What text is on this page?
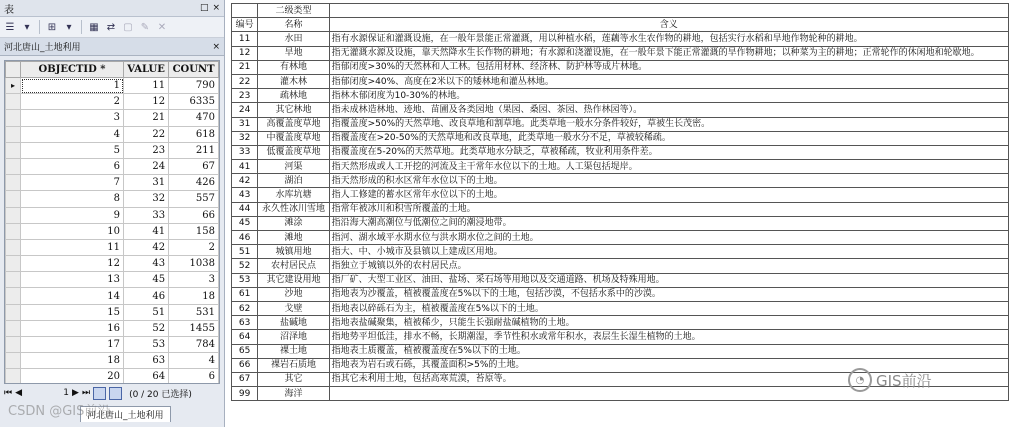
表	□ ×
☰	▾	⊞	▾	▦ ⇄ ▢ ✎ ✕
河北唐山_土地利用	×
	OBJECTID *	VALUE	COUNT
▸	1	11	790
	2	12	6335
	3	21	470
	4	22	618
	5	23	211
	6	24	67
	7	31	426
	8	32	557
	9	33	66
	10	41	158
	11	42	2
	12	43	1038
	13	45	3
	14	46	18
	15	51	531
	16	52	1455
	17	53	784
	18	63	4
	20	64	6

⏮ ◀	1 ▶ ⏭	(0 / 20 已选择)
河北唐山_土地利用
	二级类型	
编号	名称	含义
11	水田	指有水源保证和灌溉设施，在一般年景能正常灌溉，用以种植水稻，莲藕等水生农作物的耕地，包括实行水稻和旱地作物轮种的耕地。
12	旱地	指无灌溉水源及设施，靠天然降水生长作物的耕地；有水源和浇灌设施，在一般年景下能正常灌溉的旱作物耕地；以种菜为主的耕地；正常轮作的休闲地和轮歇地。
21	有林地	指郁闭度>30%的天然林和人工林。包括用材林、经济林、防护林等成片林地。
22	灌木林	指郁闭度>40%、高度在2米以下的矮林地和灌丛林地。
23	疏林地	指林木郁闭度为10-30%的林地。
24	其它林地	指未成林造林地、迹地、苗圃及各类园地（果园、桑园、茶园、热作林园等）。
31	高覆盖度草地	指覆盖度>50%的天然草地、改良草地和割草地。此类草地一般水分条件较好，草被生长茂密。
32	中覆盖度草地	指覆盖度在>20-50%的天然草地和改良草地，此类草地一般水分不足，草被较稀疏。
33	低覆盖度草地	指覆盖度在5-20%的天然草地。此类草地水分缺乏，草被稀疏，牧业利用条件差。
41	河渠	指天然形成或人工开挖的河流及主干常年水位以下的土地。人工渠包括堤岸。
42	湖泊	指天然形成的积水区常年水位以下的土地。
43	水库坑塘	指人工修建的蓄水区常年水位以下的土地。
44	永久性冰川雪地	指常年被冰川和积雪所覆盖的土地。
45	滩涂	指沿海大潮高潮位与低潮位之间的潮浸地带。
46	滩地	指河、湖水域平水期水位与洪水期水位之间的土地。
51	城镇用地	指大、中、小城市及县镇以上建成区用地。
52	农村居民点	指独立于城镇以外的农村居民点。
53	其它建设用地	指厂矿、大型工业区、油田、盐场、采石场等用地以及交通道路、机场及特殊用地。
61	沙地	指地表为沙覆盖，植被覆盖度在5%以下的土地，包括沙漠，不包括水系中的沙漠。
62	戈壁	指地表以碎砾石为主，植被覆盖度在5%以下的土地。
63	盐碱地	指地表盐碱聚集，植被稀少，只能生长强耐盐碱植物的土地。
64	沼泽地	指地势平坦低洼，排水不畅，长期潮湿，季节性积水或常年积水，表层生长湿生植物的土地。
65	裸土地	指地表土质覆盖，植被覆盖度在5%以下的土地。
66	裸岩石质地	指地表为岩石或石砾，其覆盖面积>5%的土地。
67	其它	指其它未利用土地，包括高寒荒漠，苔原等。
99	海洋	
◔ GIS前沿
CSDN @GIS前沿
